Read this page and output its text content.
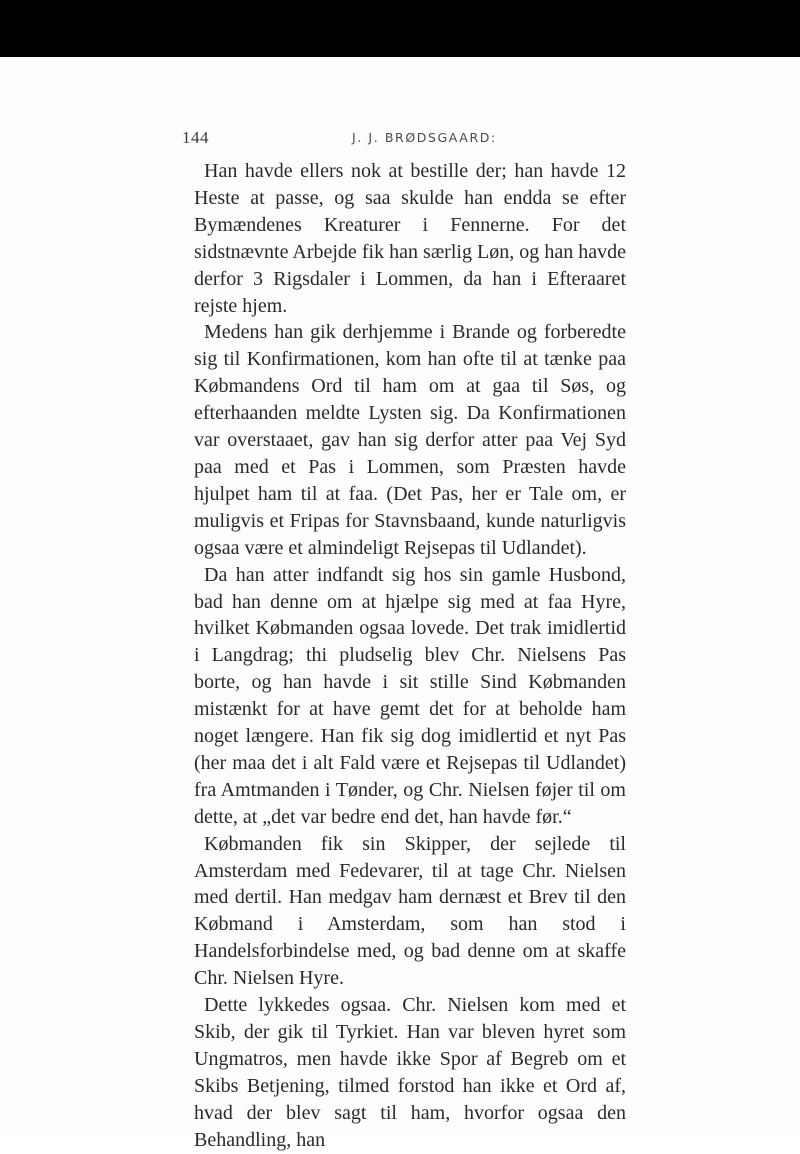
144	J. J. BRØDSGAARD:

Han havde ellers nok at bestille der; han havde 12 Heste at passe, og saa skulde han endda se efter Bymændenes Kreaturer i Fennerne. For det sidstnævnte Arbejde fik han særlig Løn, og han havde derfor 3 Rigsdaler i Lommen, da han i Efteraaret rejste hjem.

Medens han gik derhjemme i Brande og forberedte sig til Konfirmationen, kom han ofte til at tænke paa Købmandens Ord til ham om at gaa til Søs, og efterhaanden meldte Lysten sig. Da Konfirmationen var overstaaet, gav han sig derfor atter paa Vej Syd paa med et Pas i Lommen, som Præsten havde hjulpet ham til at faa. (Det Pas, her er Tale om, er muligvis et Fripas for Stavnsbaand, kunde naturligvis ogsaa være et almindeligt Rejsepas til Udlandet).

Da han atter indfandt sig hos sin gamle Husbond, bad han denne om at hjælpe sig med at faa Hyre, hvilket Købmanden ogsaa lovede. Det trak imidlertid i Langdrag; thi pludselig blev Chr. Nielsens Pas borte, og han havde i sit stille Sind Købmanden mistænkt for at have gemt det for at beholde ham noget længere. Han fik sig dog imidlertid et nyt Pas (her maa det i alt Fald være et Rejsepas til Udlandet) fra Amtmanden i Tønder, og Chr. Nielsen føjer til om dette, at „det var bedre end det, han havde før.“

Købmanden fik sin Skipper, der sejlede til Amsterdam med Fedevarer, til at tage Chr. Nielsen med dertil. Han medgav ham dernæst et Brev til den Købmand i Amsterdam, som han stod i Handelsforbindelse med, og bad denne om at skaffe Chr. Nielsen Hyre.

Dette lykkedes ogsaa. Chr. Nielsen kom med et Skib, der gik til Tyrkiet. Han var bleven hyret som Ungmatros, men havde ikke Spor af Begreb om et Skibs Betjening, tilmed forstod han ikke et Ord af, hvad der blev sagt til ham, hvorfor ogsaa den Behandling, han
